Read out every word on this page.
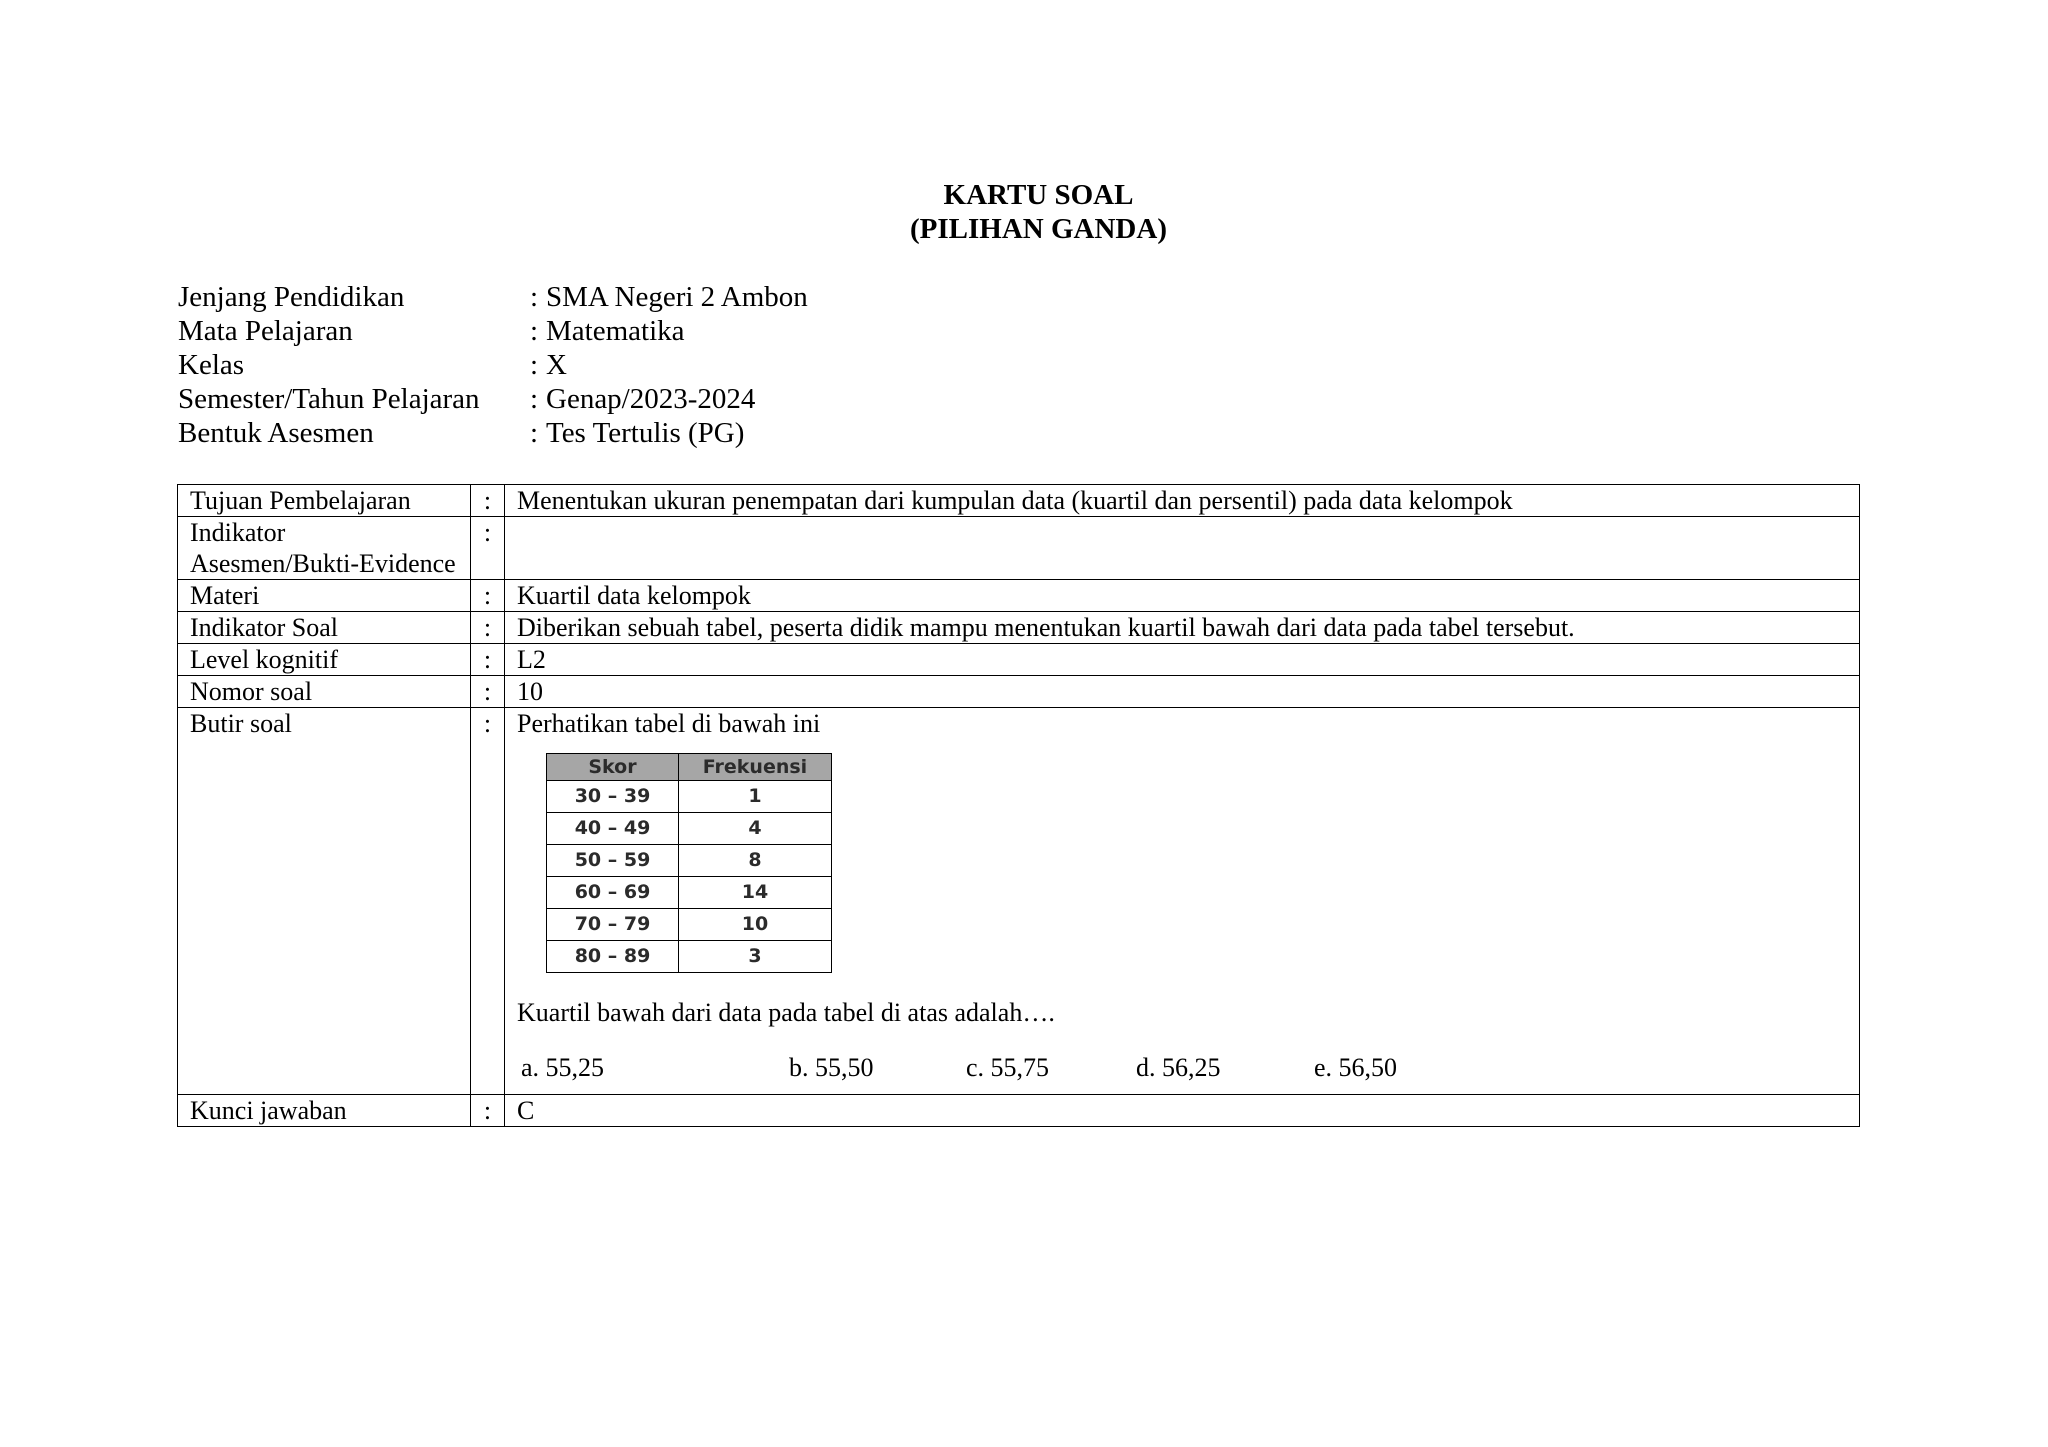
KARTU SOAL
(PILIHAN GANDA)
Jenjang Pendidikan	: SMA Negeri 2 Ambon
Mata Pelajaran	: Matematika
Kelas	: X
Semester/Tahun Pelajaran	: Genap/2023-2024
Bentuk Asesmen	: Tes Tertulis (PG)
Tujuan Pembelajaran	:	Menentukan ukuran penempatan dari kumpulan data (kuartil dan persentil) pada data kelompok

Indikator
Asesmen/Bukti-Evidence
	:	
Materi	:	Kuartil data kelompok
Indikator Soal	:	Diberikan sebuah tabel, peserta didik mampu menentukan kuartil bawah dari data pada tabel tersebut.
Level kognitif	:	L2
Nomor soal	:	10
Butir soal	:	Perhatikan tabel di bawah ini
Skor	Frekuensi
30 – 39	1
40 – 49	4
50 – 59	8
60 – 69	14
70 – 79	10
80 – 89	3
Kuartil bawah dari data pada tabel di atas adalah….
a. 55,25	b. 55,50	c. 55,75	d. 56,25	e. 56,50

Kunci jawaban	:	C
